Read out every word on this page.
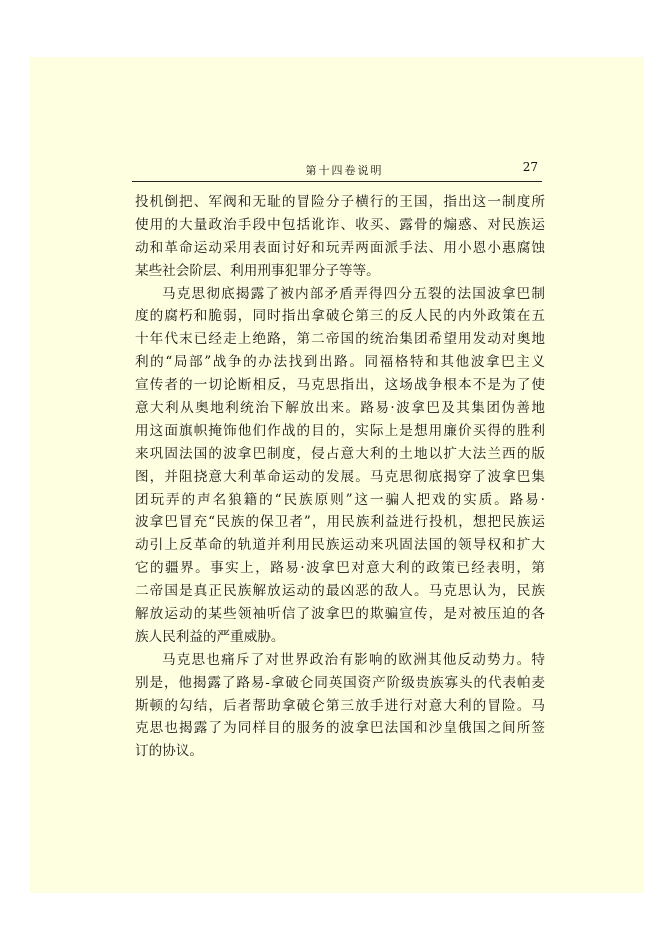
第十四卷说明	27
投机倒把、军阀和无耻的冒险分子横行的王国，指出这一制度所
使用的大量政治手段中包括讹诈、收买、露骨的煽惑、对民族运
动和革命运动采用表面讨好和玩弄两面派手法、用小恩小惠腐蚀
某些社会阶层、利用刑事犯罪分子等等。
马克思彻底揭露了被内部矛盾弄得四分五裂的法国波拿巴制
度的腐朽和脆弱，同时指出拿破仑第三的反人民的内外政策在五
十年代末已经走上绝路，第二帝国的统治集团希望用发动对奥地
利的“局部”战争的办法找到出路。同福格特和其他波拿巴主义
宣传者的一切论断相反，马克思指出，这场战争根本不是为了使
意大利从奥地利统治下解放出来。路易·波拿巴及其集团伪善地
用这面旗帜掩饰他们作战的目的，实际上是想用廉价买得的胜利
来巩固法国的波拿巴制度，侵占意大利的土地以扩大法兰西的版
图，并阻挠意大利革命运动的发展。马克思彻底揭穿了波拿巴集
团玩弄的声名狼籍的“民族原则”这一骗人把戏的实质。路易·
波拿巴冒充“民族的保卫者”，用民族利益进行投机，想把民族运
动引上反革命的轨道并利用民族运动来巩固法国的领导权和扩大
它的疆界。事实上，路易·波拿巴对意大利的政策已经表明，第
二帝国是真正民族解放运动的最凶恶的敌人。马克思认为，民族
解放运动的某些领袖听信了波拿巴的欺骗宣传，是对被压迫的各
族人民利益的严重威胁。
马克思也痛斥了对世界政治有影响的欧洲其他反动势力。特
别是，他揭露了路易-拿破仑同英国资产阶级贵族寡头的代表帕麦
斯顿的勾结，后者帮助拿破仑第三放手进行对意大利的冒险。马
克思也揭露了为同样目的服务的波拿巴法国和沙皇俄国之间所签
订的协议。
